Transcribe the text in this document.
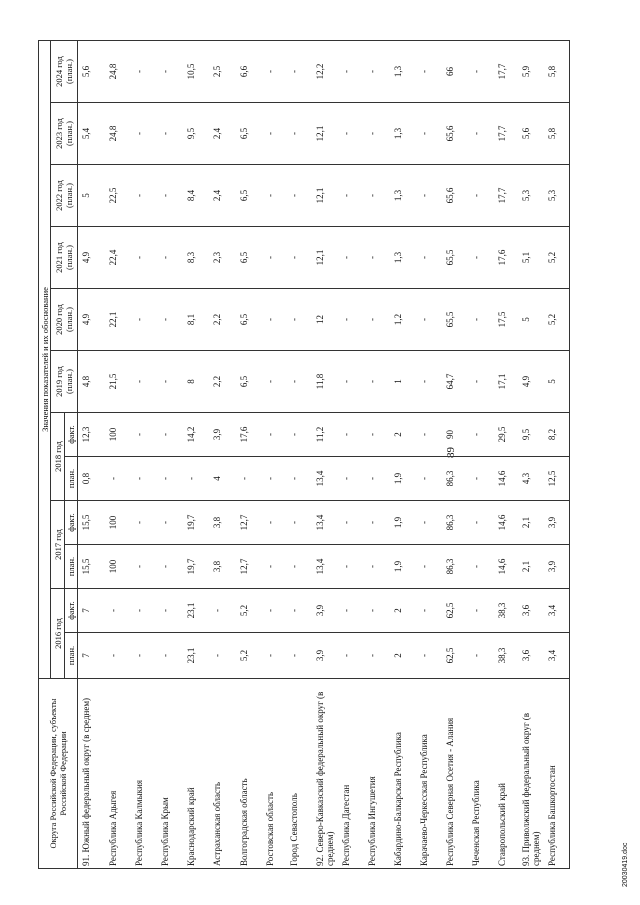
89
Округа Российской Федерации, субъекты Российской Федерации	Значения показателей и их обоснование											
	2016 год		2017 год		2018 год		2019 год (план.)	2020 год (план.)	2021 год (план.)	2022 год (план.)	2023 год (план.)	2024 год (план.)
	план.	факт.	план.	факт.	план.	факт.						
91. Южный федеральный округ (в среднем)	7	7	15,5	15,5	0,8	12,3	4,8	4,9	4,9	5	5,4	5,6
Республика Адыгея	-	-	100	100	-	100	21,5	22,1	22,4	22,5	24,8	24,8
Республика Калмыкия	-	-	-	-	-	-	-	-	-	-	-	-
Республика Крым	-	-	-	-	-	-	-	-	-	-	-	-
Краснодарский край	23,1	23,1	19,7	19,7	-	14,2	8	8,1	8,3	8,4	9,5	10,5
Астраханская область	-	-	3,8	3,8	4	3,9	2,2	2,2	2,3	2,4	2,4	2,5
Волгоградская область	5,2	5,2	12,7	12,7	-	17,6	6,5	6,5	6,5	6,5	6,5	6,6
Ростовская область	-	-	-	-	-	-	-	-	-	-	-	-
Город Севастополь	-	-	-	-	-	-	-	-	-	-	-	-
92. Северо-Кавказский федеральный округ (в среднем)	3,9	3,9	13,4	13,4	13,4	11,2	11,8	12	12,1	12,1	12,1	12,2
Республика Дагестан	-	-	-	-	-	-	-	-	-	-	-	-
Республика Ингушетия	-	-	-	-	-	-	-	-	-	-	-	-
Кабардино-Балкарская Республика	2	2	1,9	1,9	1,9	2	1	1,2	1,3	1,3	1,3	1,3
Карачаево-Черкесская Республика	-	-	-	-	-	-	-	-	-	-	-	-
Республика Северная Осетия - Алания	62,5	62,5	86,3	86,3	86,3	90	64,7	65,5	65,5	65,6	65,6	66
Чеченская Республика	-	-	-	-	-	-	-	-	-	-	-	-
Ставропольский край	38,3	38,3	14,6	14,6	14,6	29,5	17,1	17,5	17,6	17,7	17,7	17,7
93. Приволжский федеральный округ (в среднем)	3,6	3,6	2,1	2,1	4,3	9,5	4,9	5	5,1	5,3	5,6	5,9
Республика Башкортостан	3,4	3,4	3,9	3,9	12,5	8,2	5	5,2	5,2	5,3	5,8	5,8
20030419.doc
